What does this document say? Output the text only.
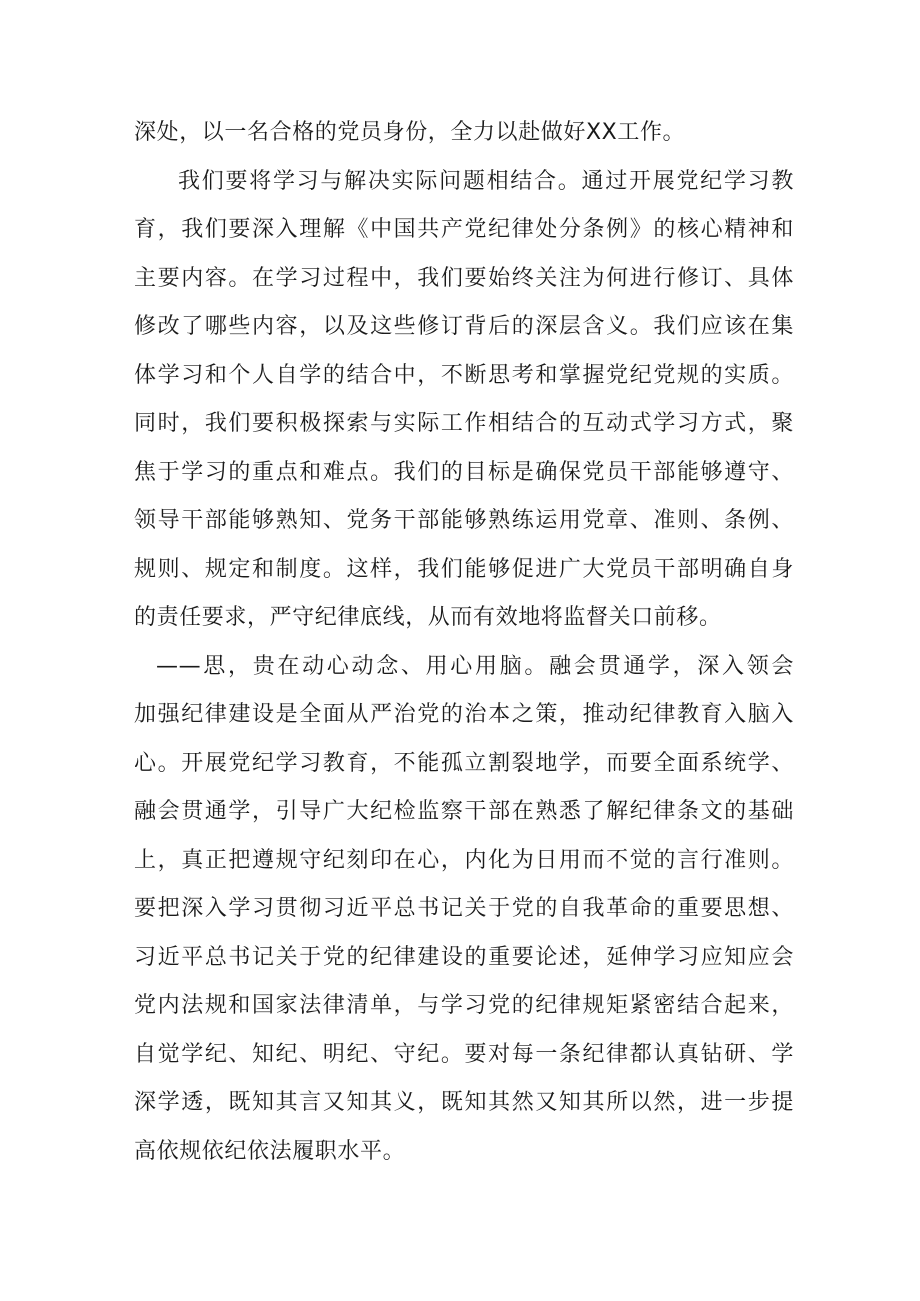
深处，以一名合格的党员身份，全力以赴做好XX工作。
我们要将学习与解决实际问题相结合。通过开展党纪学习教
育，我们要深入理解《中国共产党纪律处分条例》的核心精神和
主要内容。在学习过程中，我们要始终关注为何进行修订、具体
修改了哪些内容，以及这些修订背后的深层含义。我们应该在集
体学习和个人自学的结合中，不断思考和掌握党纪党规的实质。
同时，我们要积极探索与实际工作相结合的互动式学习方式，聚
焦于学习的重点和难点。我们的目标是确保党员干部能够遵守、
领导干部能够熟知、党务干部能够熟练运用党章、准则、条例、
规则、规定和制度。这样，我们能够促进广大党员干部明确自身
的责任要求，严守纪律底线，从而有效地将监督关口前移。
——思，贵在动心动念、用心用脑。融会贯通学，深入领会
加强纪律建设是全面从严治党的治本之策，推动纪律教育入脑入
心。开展党纪学习教育，不能孤立割裂地学，而要全面系统学、
融会贯通学，引导广大纪检监察干部在熟悉了解纪律条文的基础
上，真正把遵规守纪刻印在心，内化为日用而不觉的言行准则。
要把深入学习贯彻习近平总书记关于党的自我革命的重要思想、
习近平总书记关于党的纪律建设的重要论述，延伸学习应知应会
党内法规和国家法律清单，与学习党的纪律规矩紧密结合起来，
自觉学纪、知纪、明纪、守纪。要对每一条纪律都认真钻研、学
深学透，既知其言又知其义，既知其然又知其所以然，进一步提
高依规依纪依法履职水平。
